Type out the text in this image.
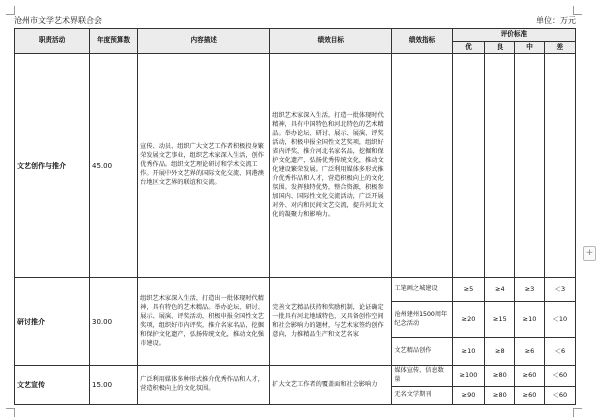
+
沧州市文学艺术界联合会	单位：万元
职责活动	年度预算数	内容描述	绩效目标	绩效指标	评价标准			
					优	良	中	差
文艺创作与推介	45.00	宣传、动员、组织广大文艺工作者积极投身繁荣发展文艺事业，组织艺术家深入生活，创作优秀作品。组织文艺理论研讨和学术交流工作。开展中外文艺界的国际文化交流、同港澳台地区文艺界的联谊和交流。	组织艺术家深入生活，打造一批体现时代精神，具有中国特色和河北特色的艺术精品。举办论坛、研讨、展示、展演、评奖活动，积极申报全国性文艺奖项，组织好省内评奖，推介河北名家名品，挖掘和保护文化遗产，弘扬优秀传统文化，推动文化建设繁荣发展。广泛利用媒体多形式推介优秀作品和人才，营造积极向上的文化氛围。发挥独特优势，整合资源，积极参加国内、国际性文化交流活动，广泛开展对外、对内和民间文艺交流，提升河北文化的凝聚力和影响力。					
研讨推介	30.00	组织艺术家深入生活，打造出一批体现时代精神，具有特色的艺术精品。举办论坛、研讨、展示、展演、评奖活动，积极申报全国性文艺奖项，组织好市内评奖，推介名家名品，挖掘和保护文化遗产，弘扬传统文化，推动文化强市建设。	完善文艺精品扶持和奖励机制，论证确定一批具有河北地域特色，又具备创作空间和社会影响力的题材，与艺术家签约创作意向，力推精品生产和文艺名家	工笔画之城建设	≥5	≥4	≥3	＜3
				沧州建州1500周年纪念活动	≥20	≥15	≥10	＜10
				文艺精品创作	≥10	≥8	≥6	＜6
文艺宣传	15.00	广泛利用媒体多种形式推介优秀作品和人才，营造积极向上的文化氛围。	扩大文艺工作者的覆盖面和社会影响力	媒体宣传，信息数量	≥100	≥80	≥60	＜60
				无名文学期刊	≥90	≥80	≥60	＜60
